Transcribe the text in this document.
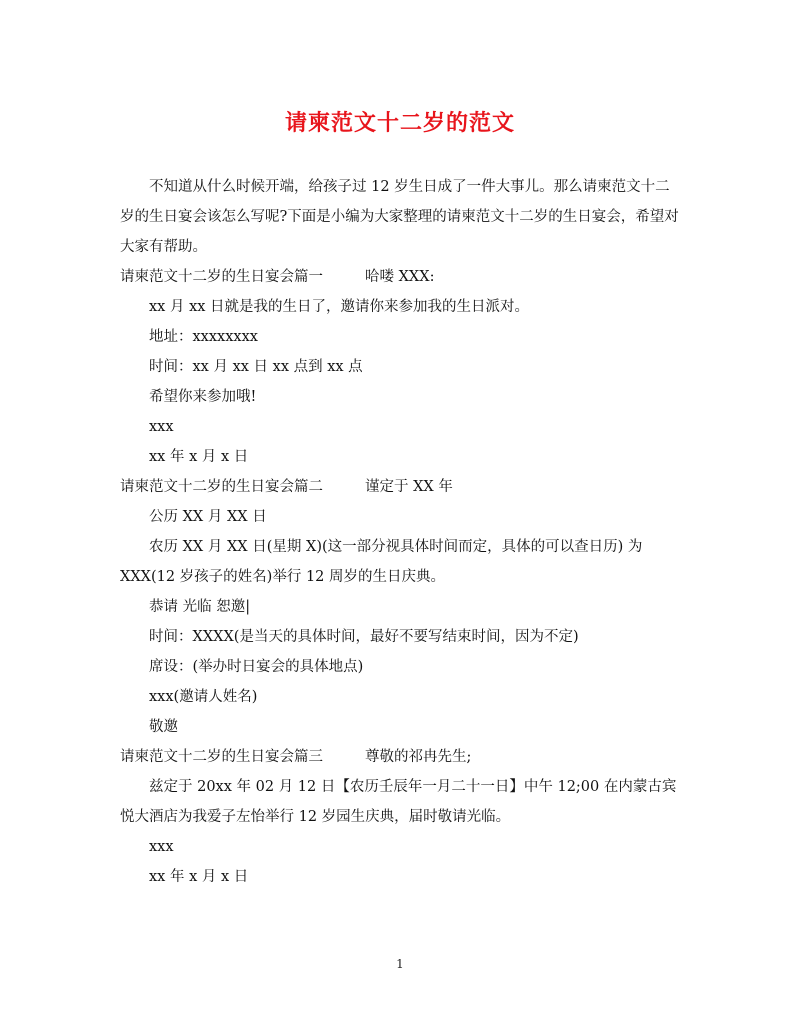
请柬范文十二岁的范文

不知道从什么时候开端，给孩子过 12 岁生日成了一件大事儿。那么请柬范文十二岁的生日宴会该怎么写呢?下面是小编为大家整理的请柬范文十二岁的生日宴会，希望对大家有帮助。

请柬范文十二岁的生日宴会篇一	哈喽 XXX:

xx 月 xx 日就是我的生日了，邀请你来参加我的生日派对。

地址：xxxxxxxx

时间：xx 月 xx 日 xx 点到 xx 点

希望你来参加哦!

xxx

xx 年 x 月 x 日

请柬范文十二岁的生日宴会篇二	谨定于 XX 年

公历 XX 月 XX 日

农历 XX 月 XX 日(星期 X)(这一部分视具体时间而定，具体的可以查日历) 为 XXX(12 岁孩子的姓名)举行 12 周岁的生日庆典。

恭请 光临 恕邀|

时间：XXXX(是当天的具体时间，最好不要写结束时间，因为不定)

席设：(举办时日宴会的具体地点)

xxx(邀请人姓名)

敬邀

请柬范文十二岁的生日宴会篇三	尊敬的祁冉先生;

兹定于 20xx 年 02 月 12 日【农历壬辰年一月二十一日】中午 12;00 在内蒙古宾悦大酒店为我爱子左怡举行 12 岁园生庆典，届时敬请光临。

xxx

xx 年 x 月 x 日

1
